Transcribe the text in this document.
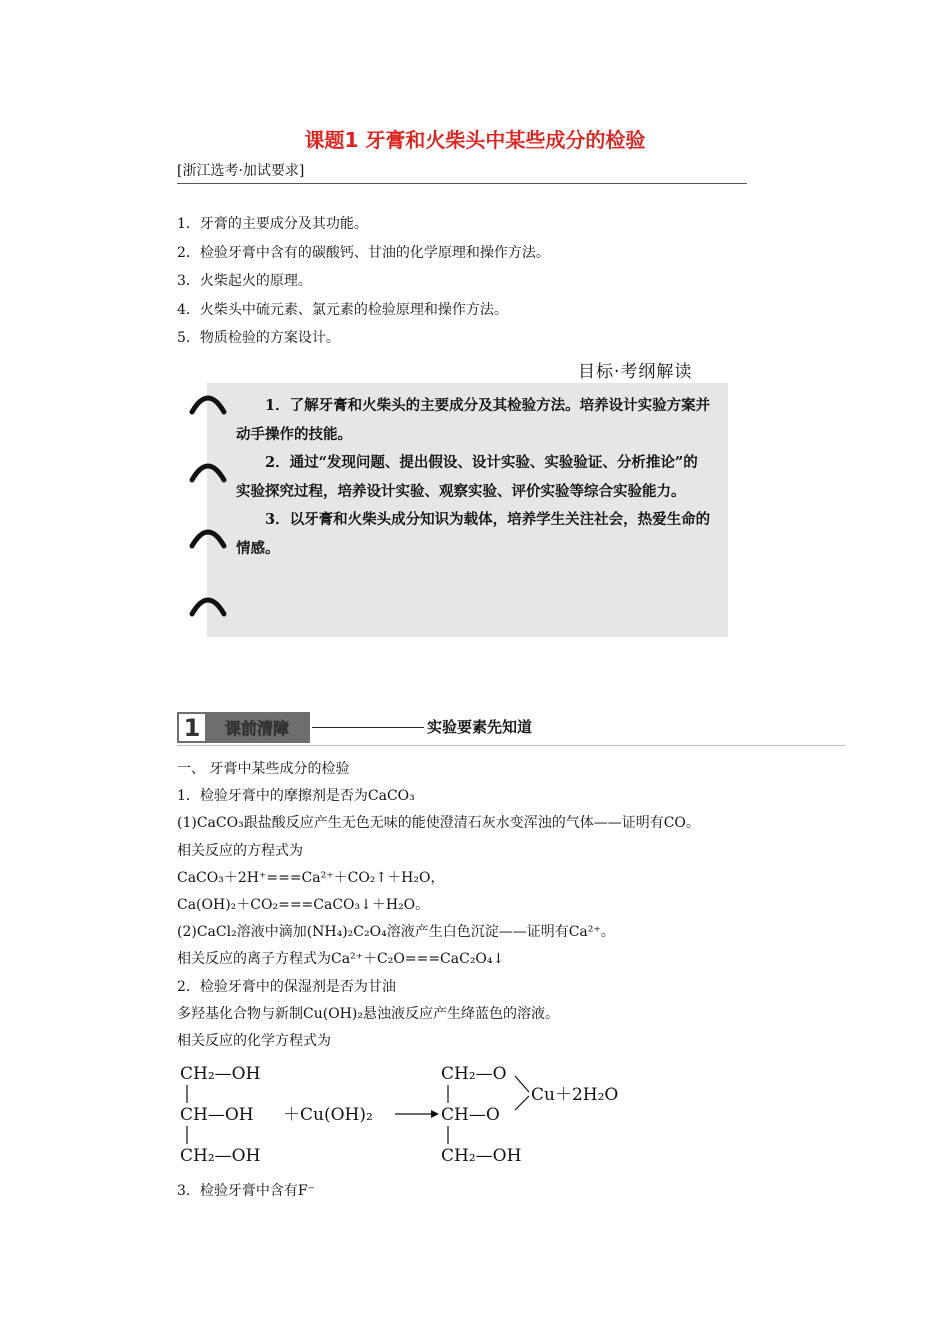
课题1 牙膏和火柴头中某些成分的检验
[浙江选考·加试要求]
1．牙膏的主要成分及其功能。
2．检验牙膏中含有的碳酸钙、甘油的化学原理和操作方法。
3．火柴起火的原理。
4．火柴头中硫元素、氯元素的检验原理和操作方法。
5．物质检验的方案设计。
目标·考纲解读

1．了解牙膏和火柴头的主要成分及其检验方法。培养设计实验方案并动手操作的技能。

2．通过“发现问题、提出假设、设计实验、实验验证、分析推论”的实验探究过程，培养设计实验、观察实验、评价实验等综合实验能力。

3．以牙膏和火柴头成分知识为载体，培养学生关注社会，热爱生命的情感。

1 课前清障	实验要素先知道
一、 牙膏中某些成分的检验
1．检验牙膏中的摩擦剂是否为CaCO₃
(1)CaCO₃跟盐酸反应产生无色无味的能使澄清石灰水变浑浊的气体——证明有CO。
相关反应的方程式为
CaCO₃＋2H⁺===Ca²⁺＋CO₂↑＋H₂O，
Ca(OH)₂＋CO₂===CaCO₃↓＋H₂O。
(2)CaCl₂溶液中滴加(NH₄)₂C₂O₄溶液产生白色沉淀——证明有Ca²⁺。
相关反应的离子方程式为Ca²⁺＋C₂O===CaC₂O₄↓
2．检验牙膏中的保湿剂是否为甘油
多羟基化合物与新制Cu(OH)₂悬浊液反应产生绛蓝色的溶液。
相关反应的化学方程式为
CH₂—OH
CH—OH
CH₂—OH
＋Cu(OH)₂
CH₂—O
CH—O
CH₂—OH
Cu＋2H₂O
3．检验牙膏中含有F⁻
